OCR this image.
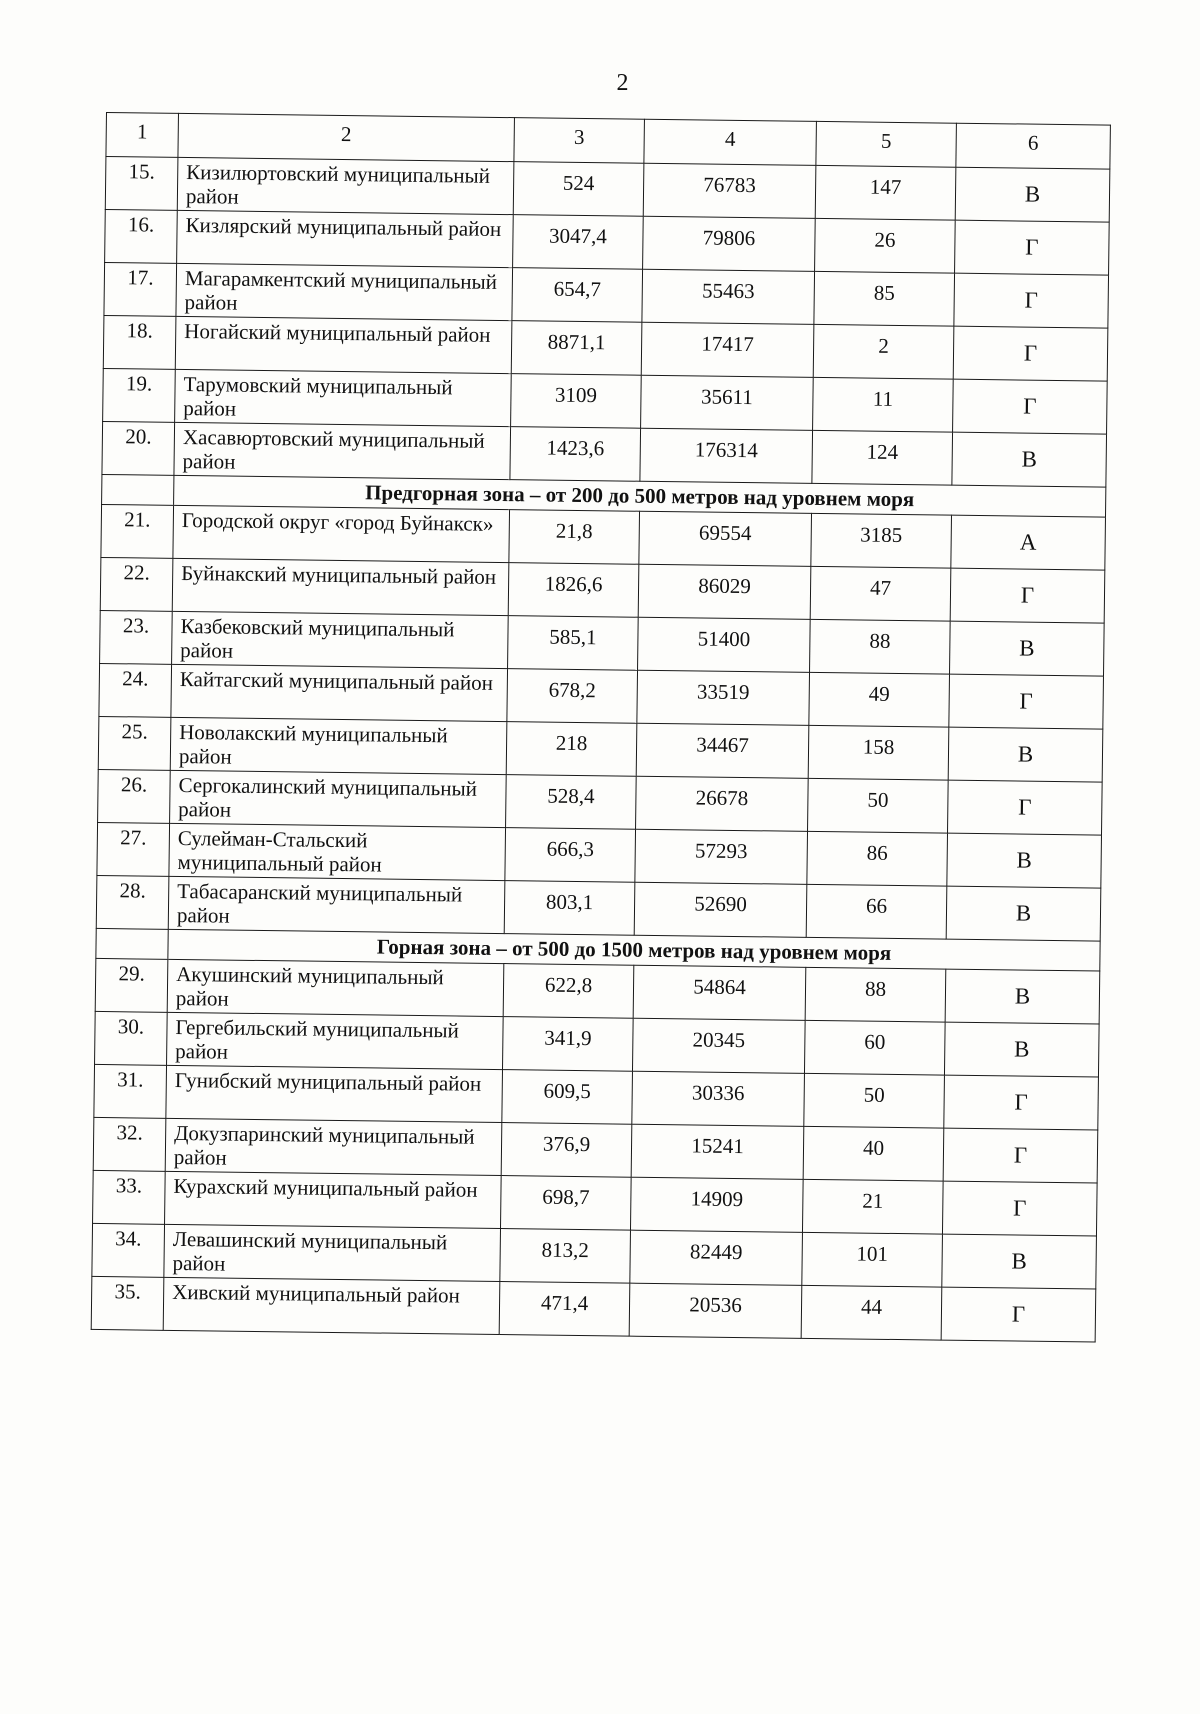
2
1	2	3	4	5	6
15.	Кизилюртовский муниципальный район	524	76783	147	В
16.	Кизлярский муниципальный район	3047,4	79806	26	Г
17.	Магарамкентский муниципальный район	654,7	55463	85	Г
18.	Ногайский муниципальный район	8871,1	17417	2	Г
19.	Тарумовский муниципальный район	3109	35611	11	Г
20.	Хасавюртовский муниципальный район	1423,6	176314	124	В
	Предгорная зона – от 200 до 500 метров над уровнем моря				
21.	Городской округ «город Буйнакск»	21,8	69554	3185	А
22.	Буйнакский муниципальный район	1826,6	86029	47	Г
23.	Казбековский муниципальный район	585,1	51400	88	В
24.	Кайтагский муниципальный район	678,2	33519	49	Г
25.	Новолакский муниципальный район	218	34467	158	В
26.	Сергокалинский муниципальный район	528,4	26678	50	Г
27.	Сулейман-Стальский муниципальный район	666,3	57293	86	В
28.	Табасаранский муниципальный район	803,1	52690	66	В
	Горная зона – от 500 до 1500 метров над уровнем моря				
29.	Акушинский муниципальный район	622,8	54864	88	В
30.	Гергебильский муниципальный район	341,9	20345	60	В
31.	Гунибский муниципальный район	609,5	30336	50	Г
32.	Докузпаринский муниципальный район	376,9	15241	40	Г
33.	Курахский муниципальный район	698,7	14909	21	Г
34.	Левашинский муниципальный район	813,2	82449	101	В
35.	Хивский муниципальный район	471,4	20536	44	Г
